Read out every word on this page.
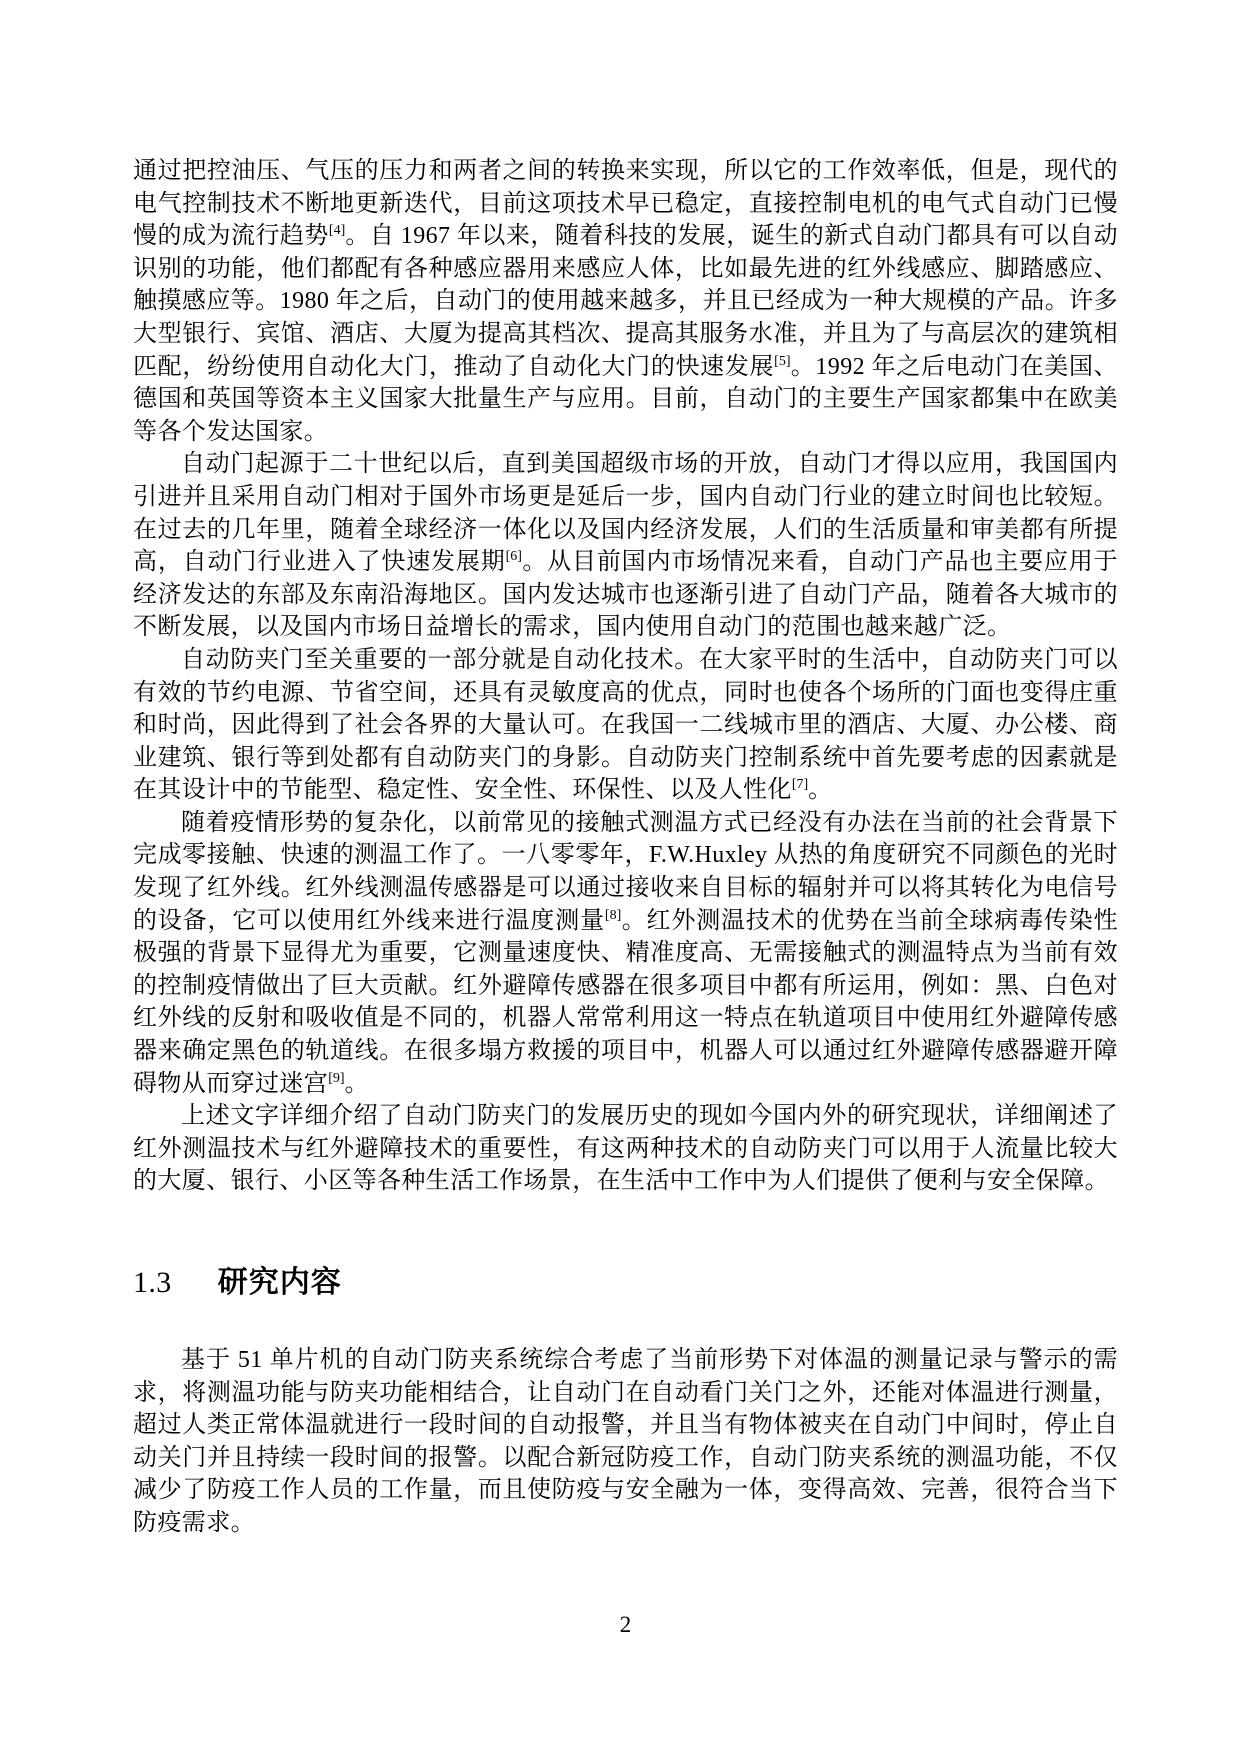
通过把控油压、气压的压力和两者之间的转换来实现，所以它的工作效率低，但是，现代的电气控制技术不断地更新迭代，目前这项技术早已稳定，直接控制电机的电气式自动门已慢慢的成为流行趋势[4]。自 1967 年以来，随着科技的发展，诞生的新式自动门都具有可以自动识别的功能，他们都配有各种感应器用来感应人体，比如最先进的红外线感应、脚踏感应、触摸感应等。1980 年之后，自动门的使用越来越多，并且已经成为一种大规模的产品。许多大型银行、宾馆、酒店、大厦为提高其档次、提高其服务水准，并且为了与高层次的建筑相匹配，纷纷使用自动化大门，推动了自动化大门的快速发展[5]。1992 年之后电动门在美国、德国和英国等资本主义国家大批量生产与应用。目前，自动门的主要生产国家都集中在欧美等各个发达国家。

自动门起源于二十世纪以后，直到美国超级市场的开放，自动门才得以应用，我国国内引进并且采用自动门相对于国外市场更是延后一步，国内自动门行业的建立时间也比较短。在过去的几年里，随着全球经济一体化以及国内经济发展，人们的生活质量和审美都有所提高，自动门行业进入了快速发展期[6]。从目前国内市场情况来看，自动门产品也主要应用于经济发达的东部及东南沿海地区。国内发达城市也逐渐引进了自动门产品，随着各大城市的不断发展，以及国内市场日益增长的需求，国内使用自动门的范围也越来越广泛。

自动防夹门至关重要的一部分就是自动化技术。在大家平时的生活中，自动防夹门可以有效的节约电源、节省空间，还具有灵敏度高的优点，同时也使各个场所的门面也变得庄重和时尚，因此得到了社会各界的大量认可。在我国一二线城市里的酒店、大厦、办公楼、商业建筑、银行等到处都有自动防夹门的身影。自动防夹门控制系统中首先要考虑的因素就是在其设计中的节能型、稳定性、安全性、环保性、以及人性化[7]。

随着疫情形势的复杂化，以前常见的接触式测温方式已经没有办法在当前的社会背景下完成零接触、快速的测温工作了。一八零零年，F.W.Huxley 从热的角度研究不同颜色的光时发现了红外线。红外线测温传感器是可以通过接收来自目标的辐射并可以将其转化为电信号的设备，它可以使用红外线来进行温度测量[8]。红外测温技术的优势在当前全球病毒传染性极强的背景下显得尤为重要，它测量速度快、精准度高、无需接触式的测温特点为当前有效的控制疫情做出了巨大贡献。红外避障传感器在很多项目中都有所运用，例如：黑、白色对红外线的反射和吸收值是不同的，机器人常常利用这一特点在轨道项目中使用红外避障传感器来确定黑色的轨道线。在很多塌方救援的项目中，机器人可以通过红外避障传感器避开障碍物从而穿过迷宫[9]。

上述文字详细介绍了自动门防夹门的发展历史的现如今国内外的研究现状，详细阐述了红外测温技术与红外避障技术的重要性，有这两种技术的自动防夹门可以用于人流量比较大的大厦、银行、小区等各种生活工作场景，在生活中工作中为人们提供了便利与安全保障。

1.3 研究内容

基于 51 单片机的自动门防夹系统综合考虑了当前形势下对体温的测量记录与警示的需求，将测温功能与防夹功能相结合，让自动门在自动看门关门之外，还能对体温进行测量，超过人类正常体温就进行一段时间的自动报警，并且当有物体被夹在自动门中间时，停止自动关门并且持续一段时间的报警。以配合新冠防疫工作，自动门防夹系统的测温功能，不仅减少了防疫工作人员的工作量，而且使防疫与安全融为一体，变得高效、完善，很符合当下防疫需求。

2
